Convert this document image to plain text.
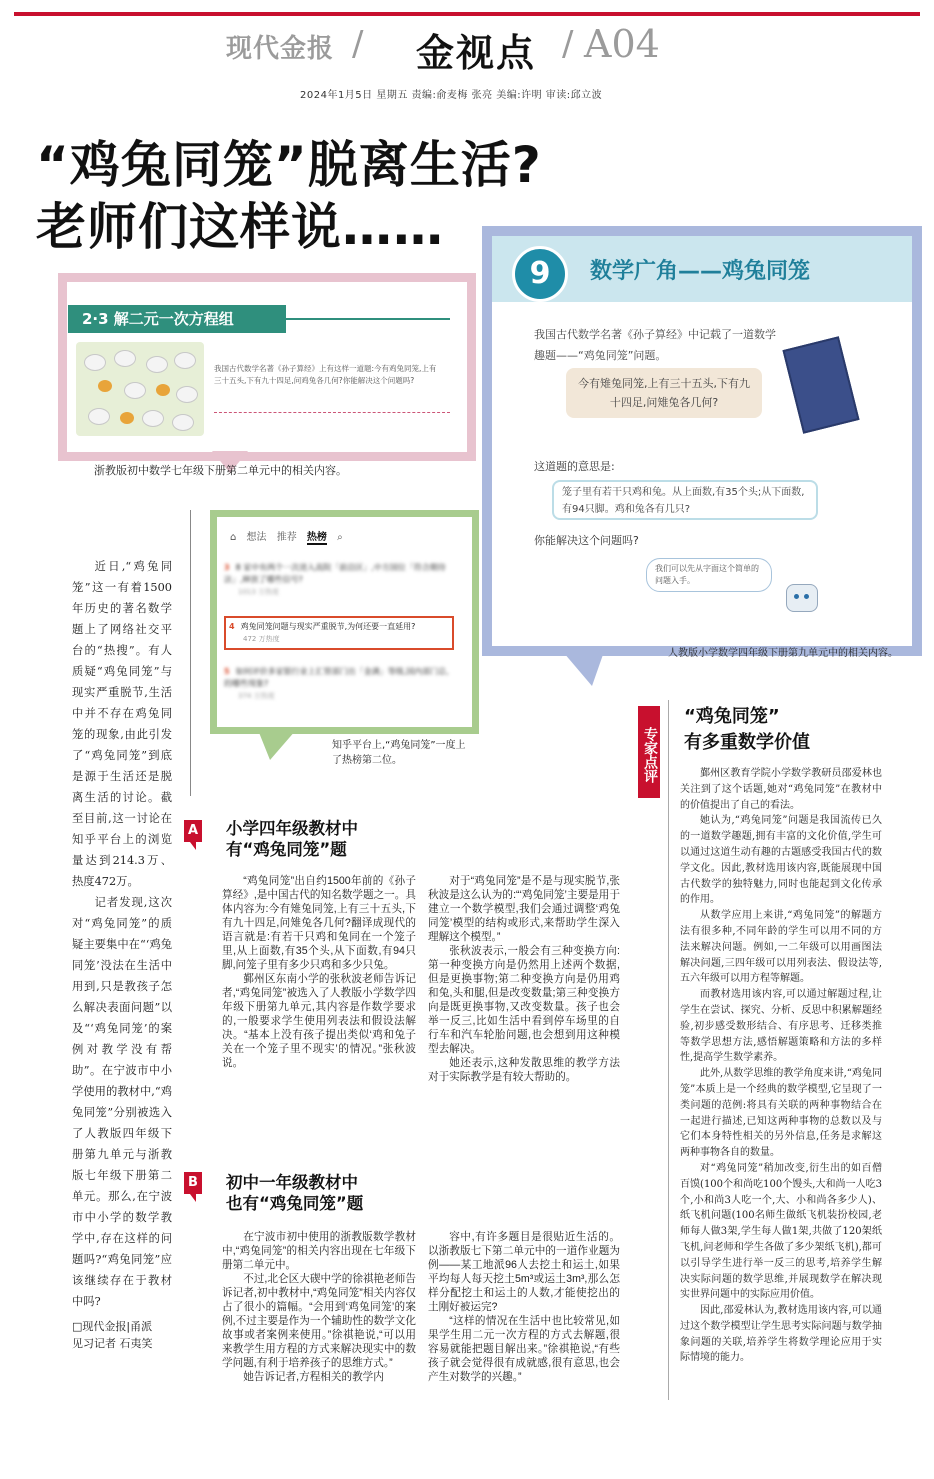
现代金报 / 金视点 / A04
2024年1月5日 星期五 责编:俞麦梅 张亮 美编:许明 审读:邱立波
“鸡兔同笼”脱离生活?
老师们这样说……
2·3 解二元一次方程组
我国古代数学名著《孙子算经》上有这样一道题:今有鸡兔同笼,上有三十五头,下有九十四足,问鸡兔各几何?你能解决这个问题吗?
浙教版初中数学七年级下册第二单元中的相关内容。
9	数学广角——鸡兔同笼
我国古代数学名著《孙子算经》中记载了一道数学趣题——“鸡兔同笼”问题。
今有雉兔同笼,上有三十五头,下有九十四足,问雉兔各几何?
这道题的意思是:
笼子里有若干只鸡和兔。从上面数,有35个头;从下面数,有94只脚。鸡和兔各有几只?
你能解决这个问题吗?
我们可以先从字面这个简单的问题入手。
人教版小学数学四年级下册第九单元中的相关内容。
⌂ 想法 推荐 热榜 ⌕
3 8 家中有两个一次进入高院「前沿区」,中方国位「符合期待法」,释放了哪些信号?
1013 万热度
4 鸡兔同笼问题与现实严重脱节,为何还要一直延用?
472 万热度
5 如何评价多家银行业上汇管部门出「金满」等级,国内部门总,的哪些现象?
374 万热度
知乎平台上,“鸡兔同笼”一度上了热榜第二位。

近日,“鸡兔同笼”这一有着1500年历史的著名数学题上了网络社交平台的“热搜”。有人质疑“鸡兔同笼”与现实严重脱节,生活中并不存在鸡兔同笼的现象,由此引发了“鸡兔同笼”到底是源于生活还是脱离生活的讨论。截至目前,这一讨论在知乎平台上的浏览量达到214.3万、热度472万。

记者发现,这次对“鸡兔同笼”的质疑主要集中在“‘鸡兔同笼’没法在生活中用到,只是教孩子怎么解决表面问题”以及“‘鸡兔同笼’的案例对教学没有帮助”。在宁波市中小学使用的教材中,“鸡兔同笼”分别被选入了人教版四年级下册第九单元与浙教版七年级下册第二单元。那么,在宁波市中小学的数学教学中,存在这样的问题吗?“鸡兔同笼”应该继续存在于教材中吗?

□现代金报|甬派
见习记者 石夷笑
A 小学四年级教材中
有“鸡兔同笼”题

“鸡兔同笼”出自约1500年前的《孙子算经》,是中国古代的知名数学题之一。具体内容为:今有雉兔同笼,上有三十五头,下有九十四足,问雉兔各几何?翻译成现代的语言就是:有若干只鸡和兔同在一个笼子里,从上面数,有35个头,从下面数,有94只脚,问笼子里有多少只鸡和多少只兔。

鄞州区东南小学的张秋波老师告诉记者,“鸡兔同笼”被选入了人教版小学数学四年级下册第九单元,其内容是作数学要求的,一般要求学生使用列表法和假设法解决。“基本上没有孩子提出类似‘鸡和兔子关在一个笼子里不现实’的情况。”张秋波说。

对于“鸡兔同笼”是不是与现实脱节,张秋波是这么认为的:“‘鸡兔同笼’主要是用于建立一个数学模型,我们会通过调整‘鸡兔同笼’模型的结构或形式,来帮助学生深入理解这个模型。”

张秋波表示,一般会有三种变换方向:第一种变换方向是仍然用上述两个数据,但是更换事物;第二种变换方向是仍用鸡和兔,头和腿,但是改变数量;第三种变换方向是既更换事物,又改变数量。孩子也会举一反三,比如生活中看到停车场里的自行车和汽车轮胎问题,也会想到用这种模型去解决。

她还表示,这种发散思维的教学方法对于实际教学是有较大帮助的。

B 初中一年级教材中
也有“鸡兔同笼”题

在宁波市初中使用的浙教版数学教材中,“鸡兔同笼”的相关内容出现在七年级下册第二单元中。

不过,北仑区大碶中学的徐祺艳老师告诉记者,初中教材中,“鸡兔同笼”相关内容仅占了很小的篇幅。“会用到‘鸡兔同笼’的案例,不过主要是作为一个辅助性的数学文化故事或者案例来使用。”徐祺艳说,“可以用来教学生用方程的方式来解决现实中的数学问题,有利于培养孩子的思维方式。”

她告诉记者,方程相关的教学内

容中,有许多题目是很贴近生活的。以浙教版七下第二单元中的一道作业题为例——某工地派96人去挖土和运土,如果平均每人每天挖土5m³或运土3m³,那么怎样分配挖土和运土的人数,才能使挖出的土刚好被运完?

“这样的情况在生活中也比较常见,如果学生用二元一次方程的方式去解题,很容易就能把题目解出来。”徐祺艳说,“有些孩子就会觉得很有成就感,很有意思,也会产生对数学的兴趣。”

专家点评
“鸡兔同笼”
有多重数学价值

鄞州区教育学院小学数学教研员邵爱林也关注到了这个话题,她对“鸡兔同笼”在教材中的价值提出了自己的看法。

她认为,“鸡兔同笼”问题是我国流传已久的一道数学趣题,拥有丰富的文化价值,学生可以通过这道生动有趣的古题感受我国古代的数学文化。因此,教材选用该内容,既能展现中国古代数学的独特魅力,同时也能起到文化传承的作用。

从数学应用上来讲,“鸡兔同笼”的解题方法有很多种,不同年龄的学生可以用不同的方法来解决问题。例如,一二年级可以用画图法解决问题,三四年级可以用列表法、假设法等,五六年级可以用方程等解题。

而教材选用该内容,可以通过解题过程,让学生在尝试、探究、分析、反思中积累解题经验,初步感受数形结合、有序思考、迁移类推等数学思想方法,感悟解题策略和方法的多样性,提高学生数学素养。

此外,从数学思维的教学角度来讲,“鸡兔同笼”本质上是一个经典的数学模型,它呈现了一类问题的范例:将具有关联的两种事物结合在一起进行描述,已知这两种事物的总数以及与它们本身特性相关的另外信息,任务是求解这两种事物各自的数量。

对“鸡兔同笼”稍加改变,衍生出的如百僧百馍(100个和尚吃100个馒头,大和尚一人吃3个,小和尚3人吃一个,大、小和尚各多少人)、纸飞机问题(100名师生做纸飞机装扮校园,老师每人做3架,学生每人做1架,共做了120架纸飞机,问老师和学生各做了多少架纸飞机),都可以引导学生进行举一反三的思考,培养学生解决实际问题的数学思维,并展现数学在解决现实世界问题中的实际应用价值。

因此,邵爱林认为,教材选用该内容,可以通过这个数学模型让学生思考实际问题与数学抽象问题的关联,培养学生将数学理论应用于实际情境的能力。
